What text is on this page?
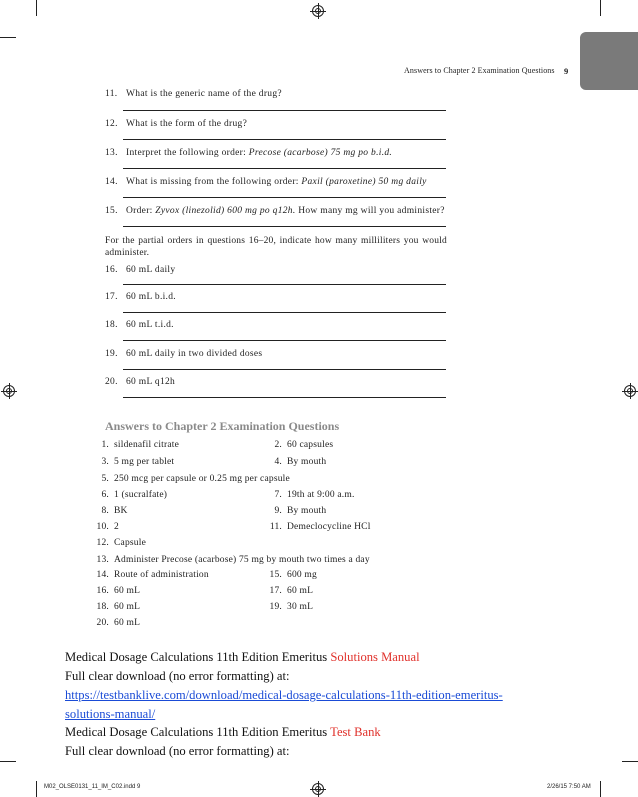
Answers to Chapter 2 Examination Questions 9
11. What is the generic name of the drug?
12. What is the form of the drug?
13. Interpret the following order: Precose (acarbose) 75 mg po b.i.d.
14. What is missing from the following order: Paxil (paroxetine) 50 mg daily
15. Order: Zyvox (linezolid) 600 mg po q12h. How many mg will you administer?
For the partial orders in questions 16–20, indicate how many milliliters you would administer.
16. 60 mL daily
17. 60 mL b.i.d.
18. 60 mL t.i.d.
19. 60 mL daily in two divided doses
20. 60 mL q12h
Answers to Chapter 2 Examination Questions
1. sildenafil citrate	2. 60 capsules
3. 5 mg per tablet	4. By mouth
5. 250 mcg per capsule or 0.25 mg per capsule
6. 1 (sucralfate)	7. 19th at 9:00 a.m.
8. BK	9. By mouth
10. 2	11. Demeclocycline HCl
12. Capsule
13. Administer Precose (acarbose) 75 mg by mouth two times a day
14. Route of administration	15. 600 mg
16. 60 mL	17. 60 mL
18. 60 mL	19. 30 mL
20. 60 mL
Medical Dosage Calculations 11th Edition Emeritus Solutions Manual
Full clear download (no error formatting) at:
https://testbanklive.com/download/medical-dosage-calculations-11th-edition-emeritus-
solutions-manual/
Medical Dosage Calculations 11th Edition Emeritus Test Bank
Full clear download (no error formatting) at:
M02_OLSE0131_11_IM_C02.indd 9	2/26/15 7:50 AM
